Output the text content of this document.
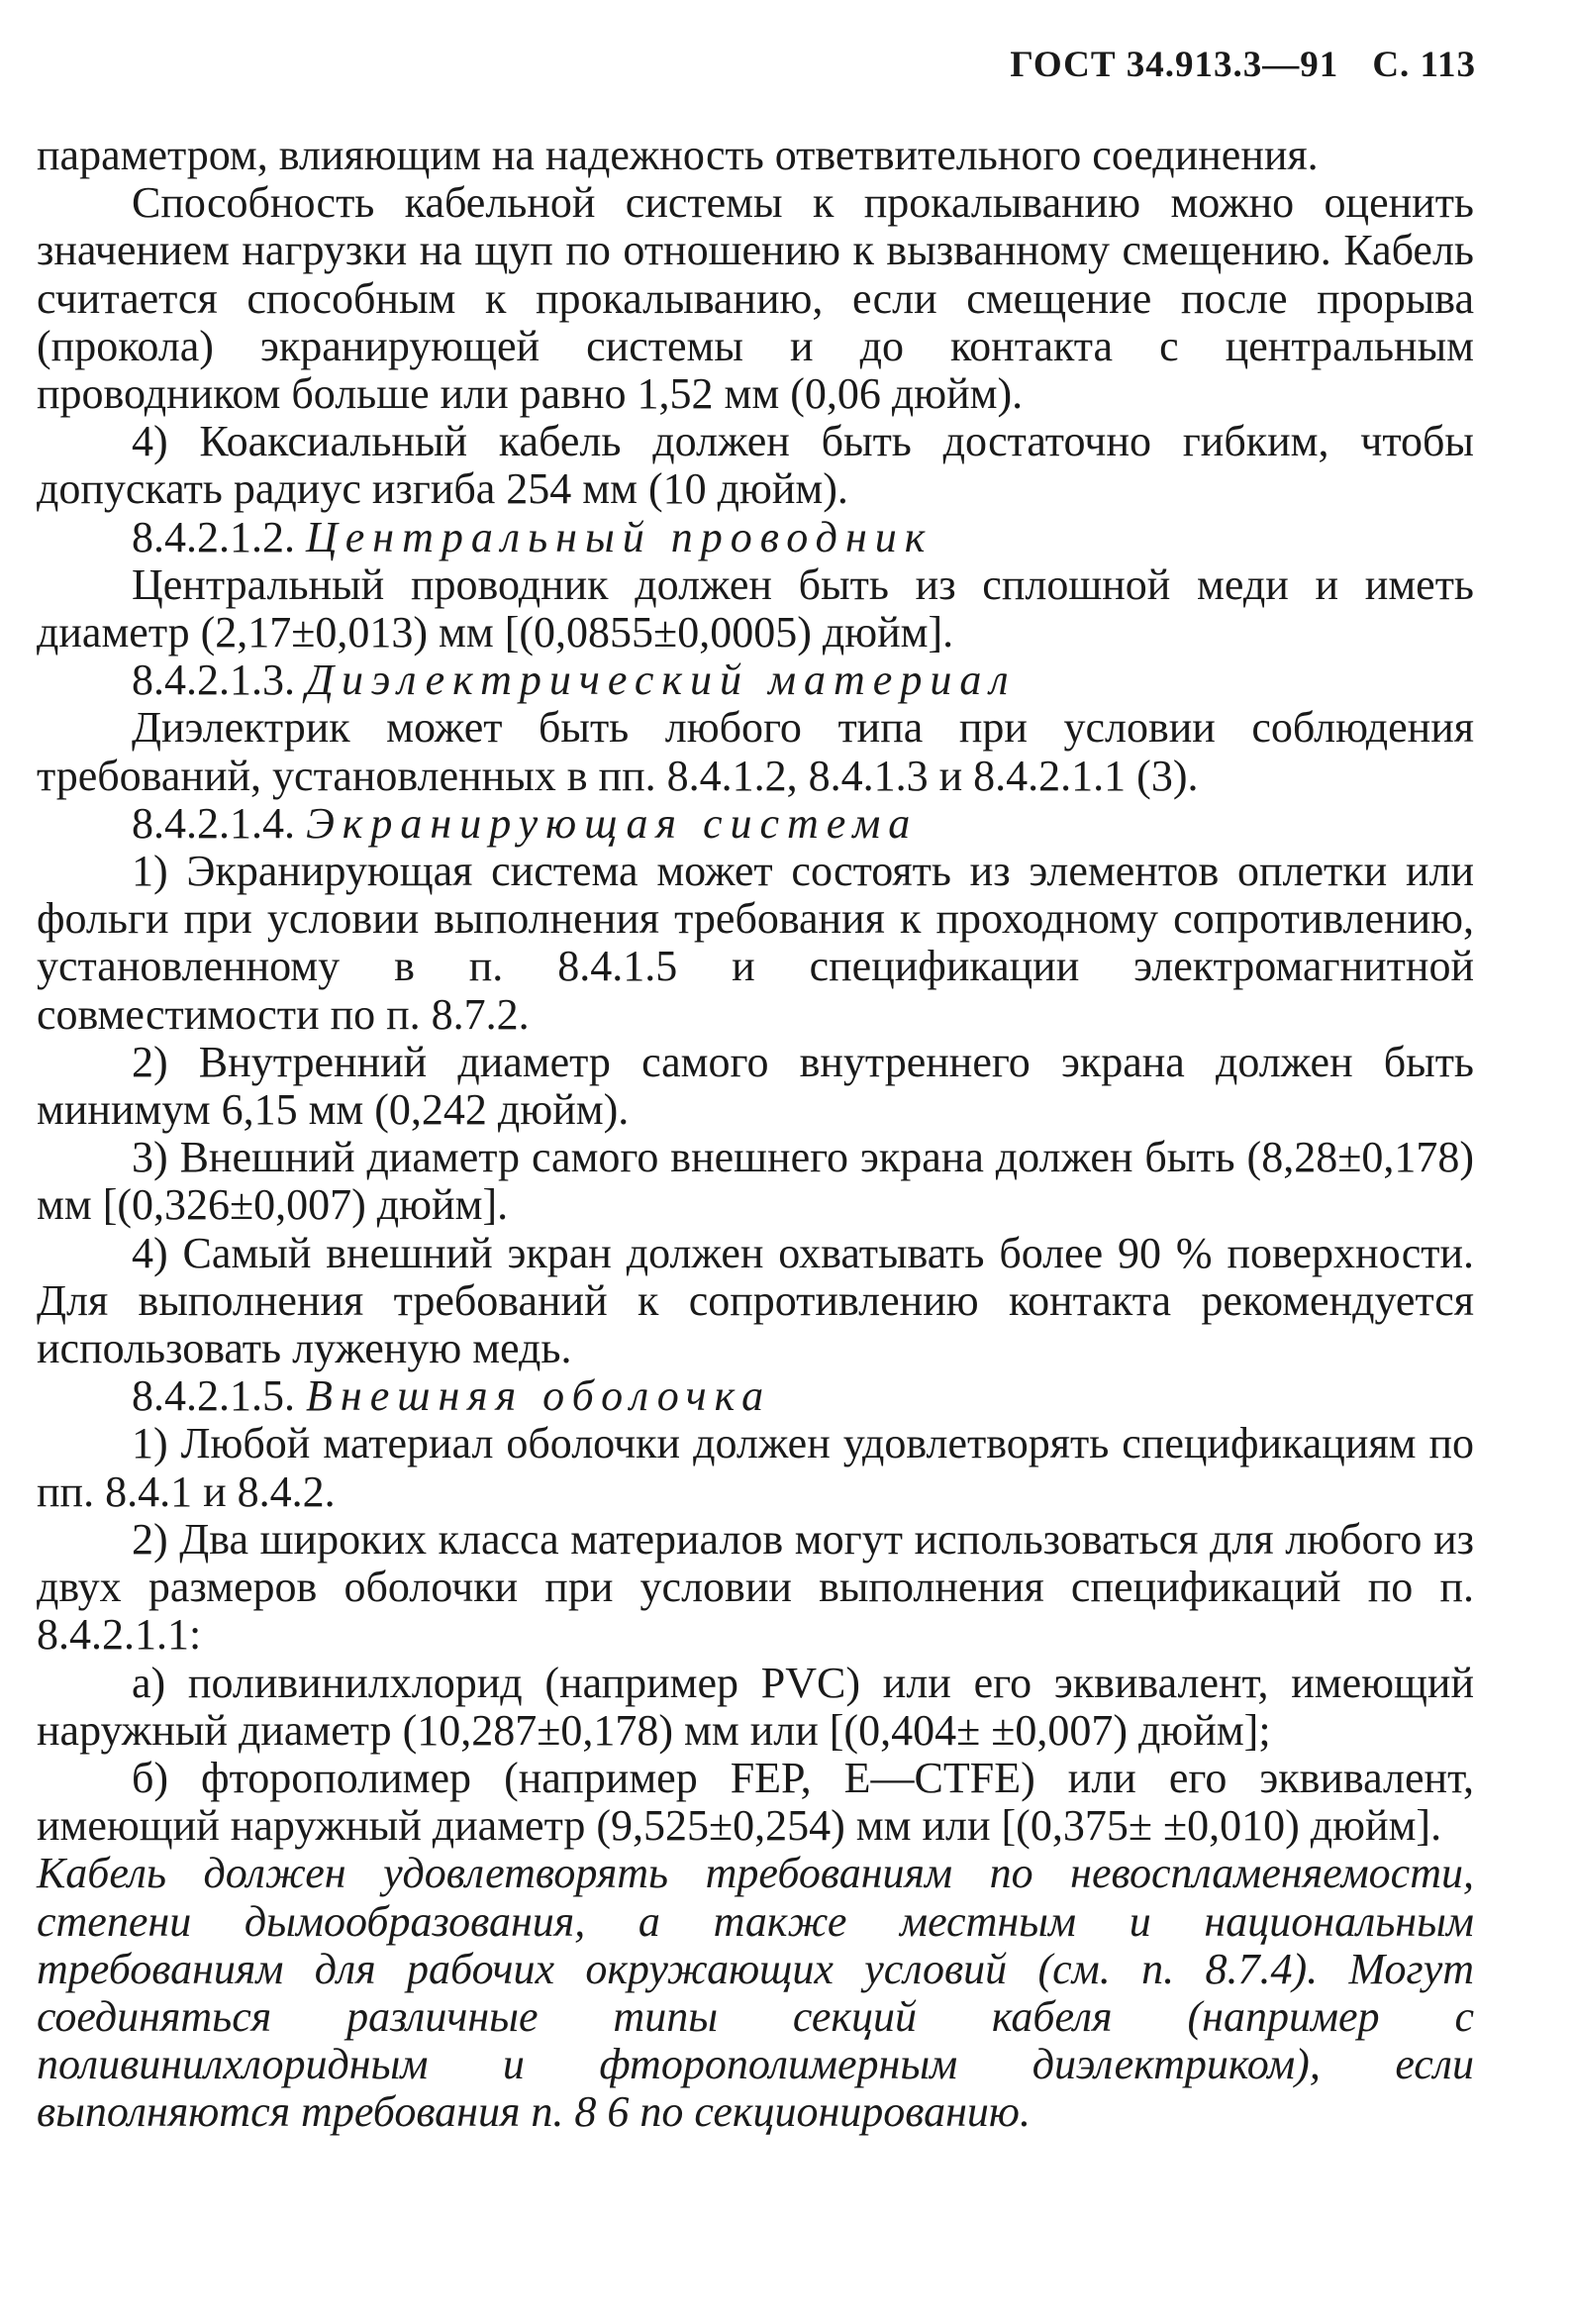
ГОСТ 34.913.3—91 С. 113

параметром, влияющим на надежность ответвительного соединения.

Способность кабельной системы к прокалыванию можно оценить значением нагрузки на щуп по отношению к вызванному смещению. Кабель считается способным к прокалыванию, если смещение после прорыва (прокола) экранирующей системы и до контакта с центральным проводником больше или равно 1,52 мм (0,06 дюйм).

4) Коаксиальный кабель должен быть достаточно гибким, чтобы допускать радиус изгиба 254 мм (10 дюйм).

8.4.2.1.2. Центральный проводник

Центральный проводник должен быть из сплошной меди и иметь диаметр (2,17±0,013) мм [(0,0855±0,0005) дюйм].

8.4.2.1.3. Диэлектрический материал

Диэлектрик может быть любого типа при условии соблюдения требований, установленных в пп. 8.4.1.2, 8.4.1.3 и 8.4.2.1.1 (3).

8.4.2.1.4. Экранирующая система

1) Экранирующая система может состоять из элементов оплетки или фольги при условии выполнения требования к проходному сопротивлению, установленному в п. 8.4.1.5 и спецификации электромагнитной совместимости по п. 8.7.2.

2) Внутренний диаметр самого внутреннего экрана должен быть минимум 6,15 мм (0,242 дюйм).

3) Внешний диаметр самого внешнего экрана должен быть (8,28±0,178) мм [(0,326±0,007) дюйм].

4) Самый внешний экран должен охватывать более 90 % поверхности. Для выполнения требований к сопротивлению контакта рекомендуется использовать луженую медь.

8.4.2.1.5. Внешняя оболочка

1) Любой материал оболочки должен удовлетворять спецификациям по пп. 8.4.1 и 8.4.2.

2) Два широких класса материалов могут использоваться для любого из двух размеров оболочки при условии выполнения спецификаций по п. 8.4.2.1.1:

а) поливинилхлорид (например PVC) или его эквивалент, имеющий наружный диаметр (10,287±0,178) мм или [(0,404± ±0,007) дюйм];

б) фторополимер (например FEP, Е—CTFE) или его эквивалент, имеющий наружный диаметр (9,525±0,254) мм или [(0,375± ±0,010) дюйм].

Кабель должен удовлетворять требованиям по невоспламеняемости, степени дымообразования, а также местным и национальным требованиям для рабочих окружающих условий (см. п. 8.7.4). Могут соединяться различные типы секций кабеля (например с поливинилхлоридным и фторополимерным диэлектриком), если выполняются требования п. 8 6 по секционированию.
